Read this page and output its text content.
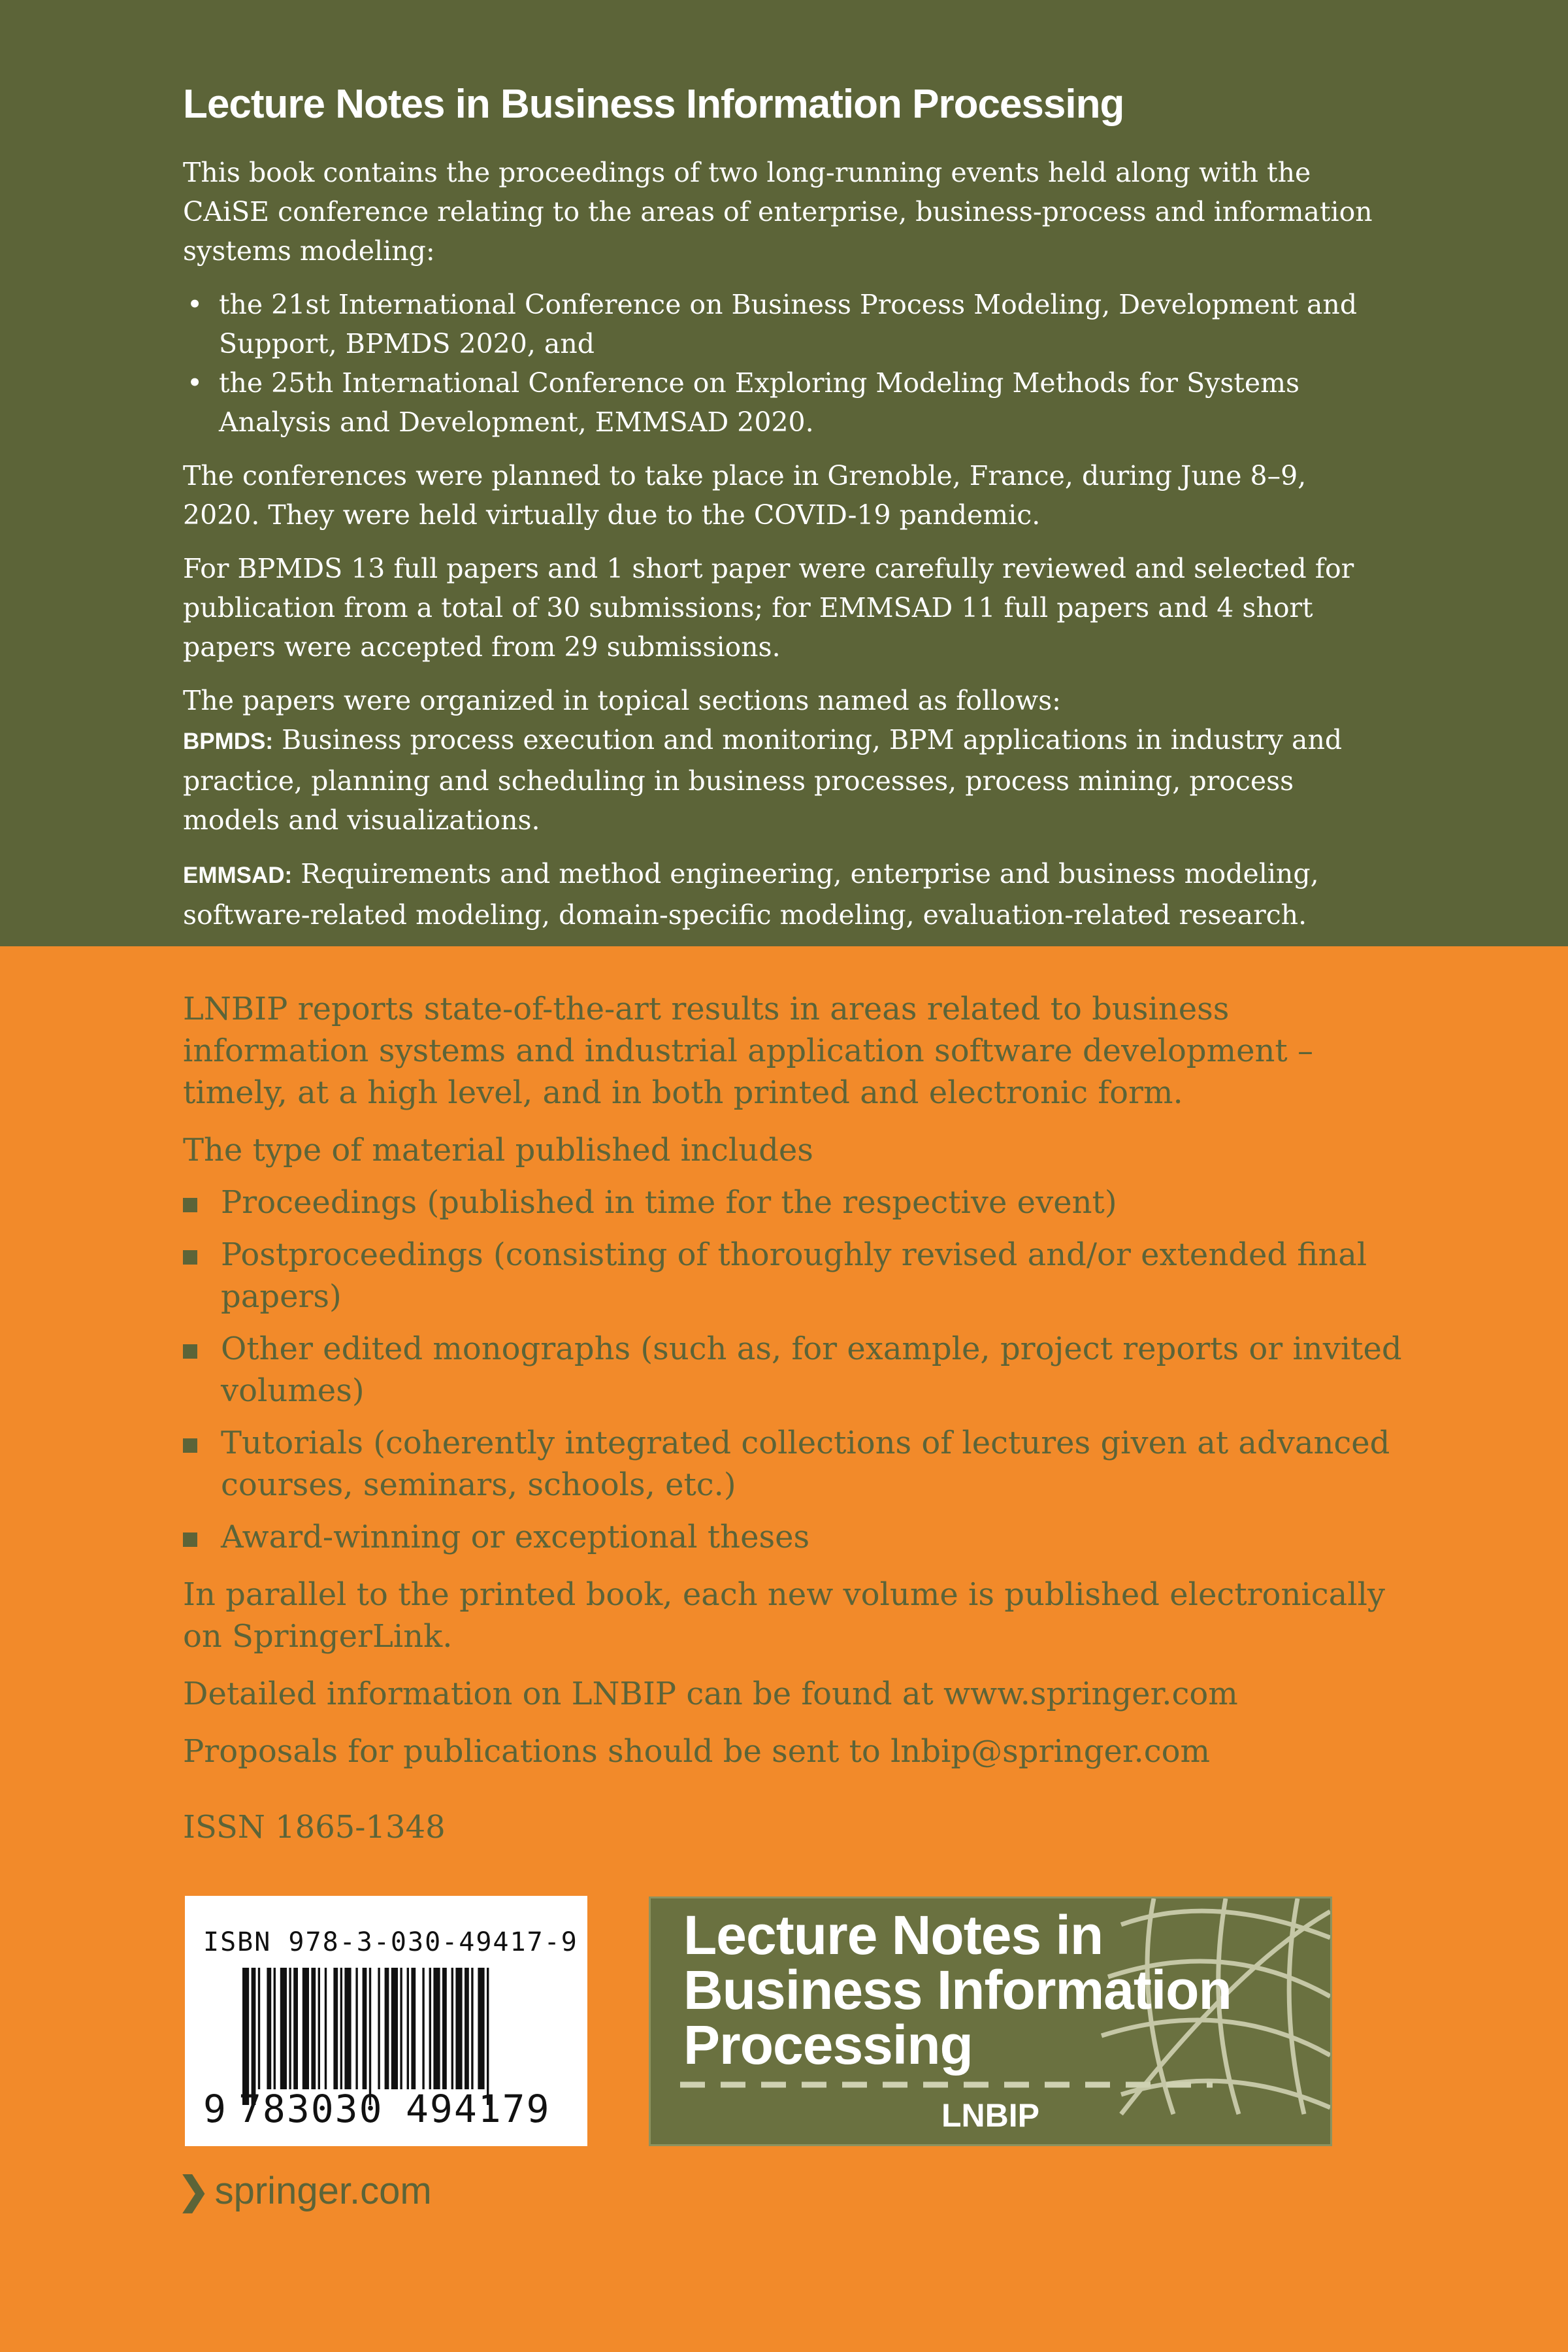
Lecture Notes in Business Information Processing

This book contains the proceedings of two long-running events held along with the CAiSE conference relating to the areas of enterprise, business-process and information systems modeling:

• the 21st International Conference on Business Process Modeling, Development and Support, BPMDS 2020, and
• the 25th International Conference on Exploring Modeling Methods for Systems Analysis and Development, EMMSAD 2020.

The conferences were planned to take place in Grenoble, France, during June 8–9, 2020. They were held virtually due to the COVID-19 pandemic.

For BPMDS 13 full papers and 1 short paper were carefully reviewed and selected for publication from a total of 30 submissions; for EMMSAD 11 full papers and 4 short papers were accepted from 29 submissions.

The papers were organized in topical sections named as follows:
BPMDS: Business process execution and monitoring, BPM applications in industry and practice, planning and scheduling in business processes, process mining, process models and visualizations.

EMMSAD: Requirements and method engineering, enterprise and business modeling, software-related modeling, domain-specific modeling, evaluation-related research.

LNBIP reports state-of-the-art results in areas related to business information systems and industrial application software development – timely, at a high level, and in both printed and electronic form.

The type of material published includes

Proceedings (published in time for the respective event)
Postproceedings (consisting of thoroughly revised and/or extended final papers)
Other edited monographs (such as, for example, project reports or invited volumes)
Tutorials (coherently integrated collections of lectures given at advanced courses, seminars, schools, etc.)
Award-winning or exceptional theses

In parallel to the printed book, each new volume is published electronically on SpringerLink.

Detailed information on LNBIP can be found at www.springer.com

Proposals for publications should be sent to lnbip@springer.com

ISSN 1865-1348

ISBN 978-3-030-49417-9
9 783030 494179
Lecture Notes in Business Information Processing
LNBIP
❯ springer.com
